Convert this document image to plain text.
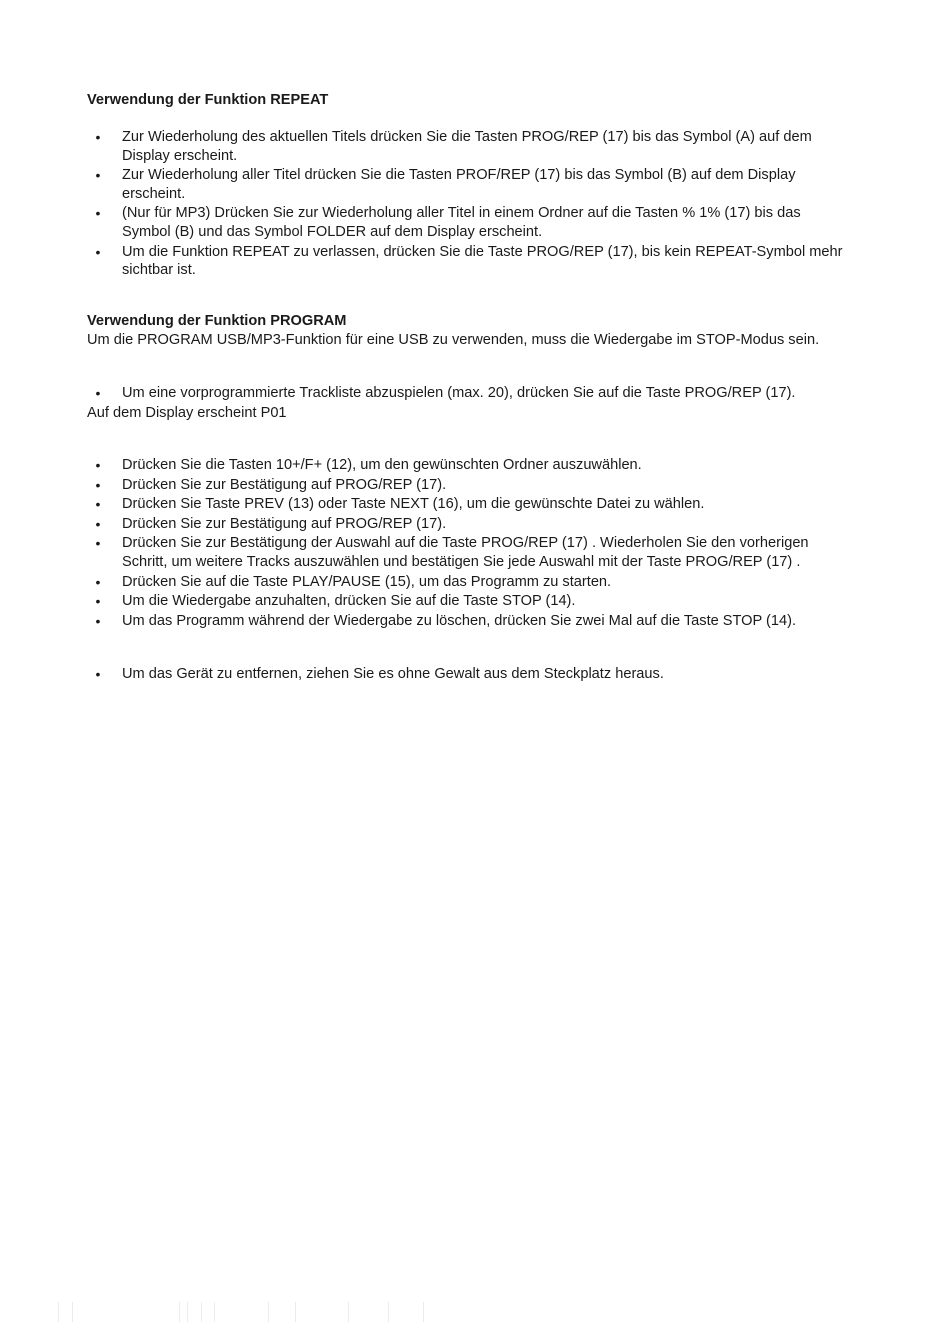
Verwendung der Funktion REPEAT
•	Zur Wiederholung des aktuellen Titels drücken Sie die Tasten PROG/REP (17) bis das Symbol (A) auf dem Display erscheint.
•	Zur Wiederholung aller Titel drücken Sie die Tasten PROF/REP (17) bis das Symbol (B) auf dem Display erscheint.
•	(Nur für MP3) Drücken Sie zur Wiederholung aller Titel in einem Ordner auf die Tasten % 1% (17) bis das Symbol (B) und das Symbol FOLDER auf dem Display erscheint.
•	Um die Funktion REPEAT zu verlassen, drücken Sie die Taste PROG/REP (17), bis kein REPEAT-Symbol mehr sichtbar ist.
Verwendung der Funktion PROGRAM

Um die PROGRAM USB/MP3-Funktion für eine USB zu verwenden, muss die Wiedergabe im STOP-Modus sein.

•	Um eine vorprogrammierte Trackliste abzuspielen (max. 20), drücken Sie auf die Taste PROG/REP (17).

Auf dem Display erscheint P01

•	Drücken Sie die Tasten 10+/F+ (12), um den gewünschten Ordner auszuwählen.
•	Drücken Sie zur Bestätigung auf PROG/REP (17).
•	Drücken Sie Taste PREV (13) oder Taste NEXT (16), um die gewünschte Datei zu wählen.
•	Drücken Sie zur Bestätigung auf PROG/REP (17).
•	Drücken Sie zur Bestätigung der Auswahl auf die Taste PROG/REP (17) . Wiederholen Sie den vorherigen Schritt, um weitere Tracks auszuwählen und bestätigen Sie jede Auswahl mit der Taste PROG/REP (17) .
•	Drücken Sie auf die Taste PLAY/PAUSE (15), um das Programm zu starten.
•	Um die Wiedergabe anzuhalten, drücken Sie auf die Taste STOP (14).
•	Um das Programm während der Wiedergabe zu löschen, drücken Sie zwei Mal auf die Taste STOP (14).
•	Um das Gerät zu entfernen, ziehen Sie es ohne Gewalt aus dem Steckplatz heraus.
